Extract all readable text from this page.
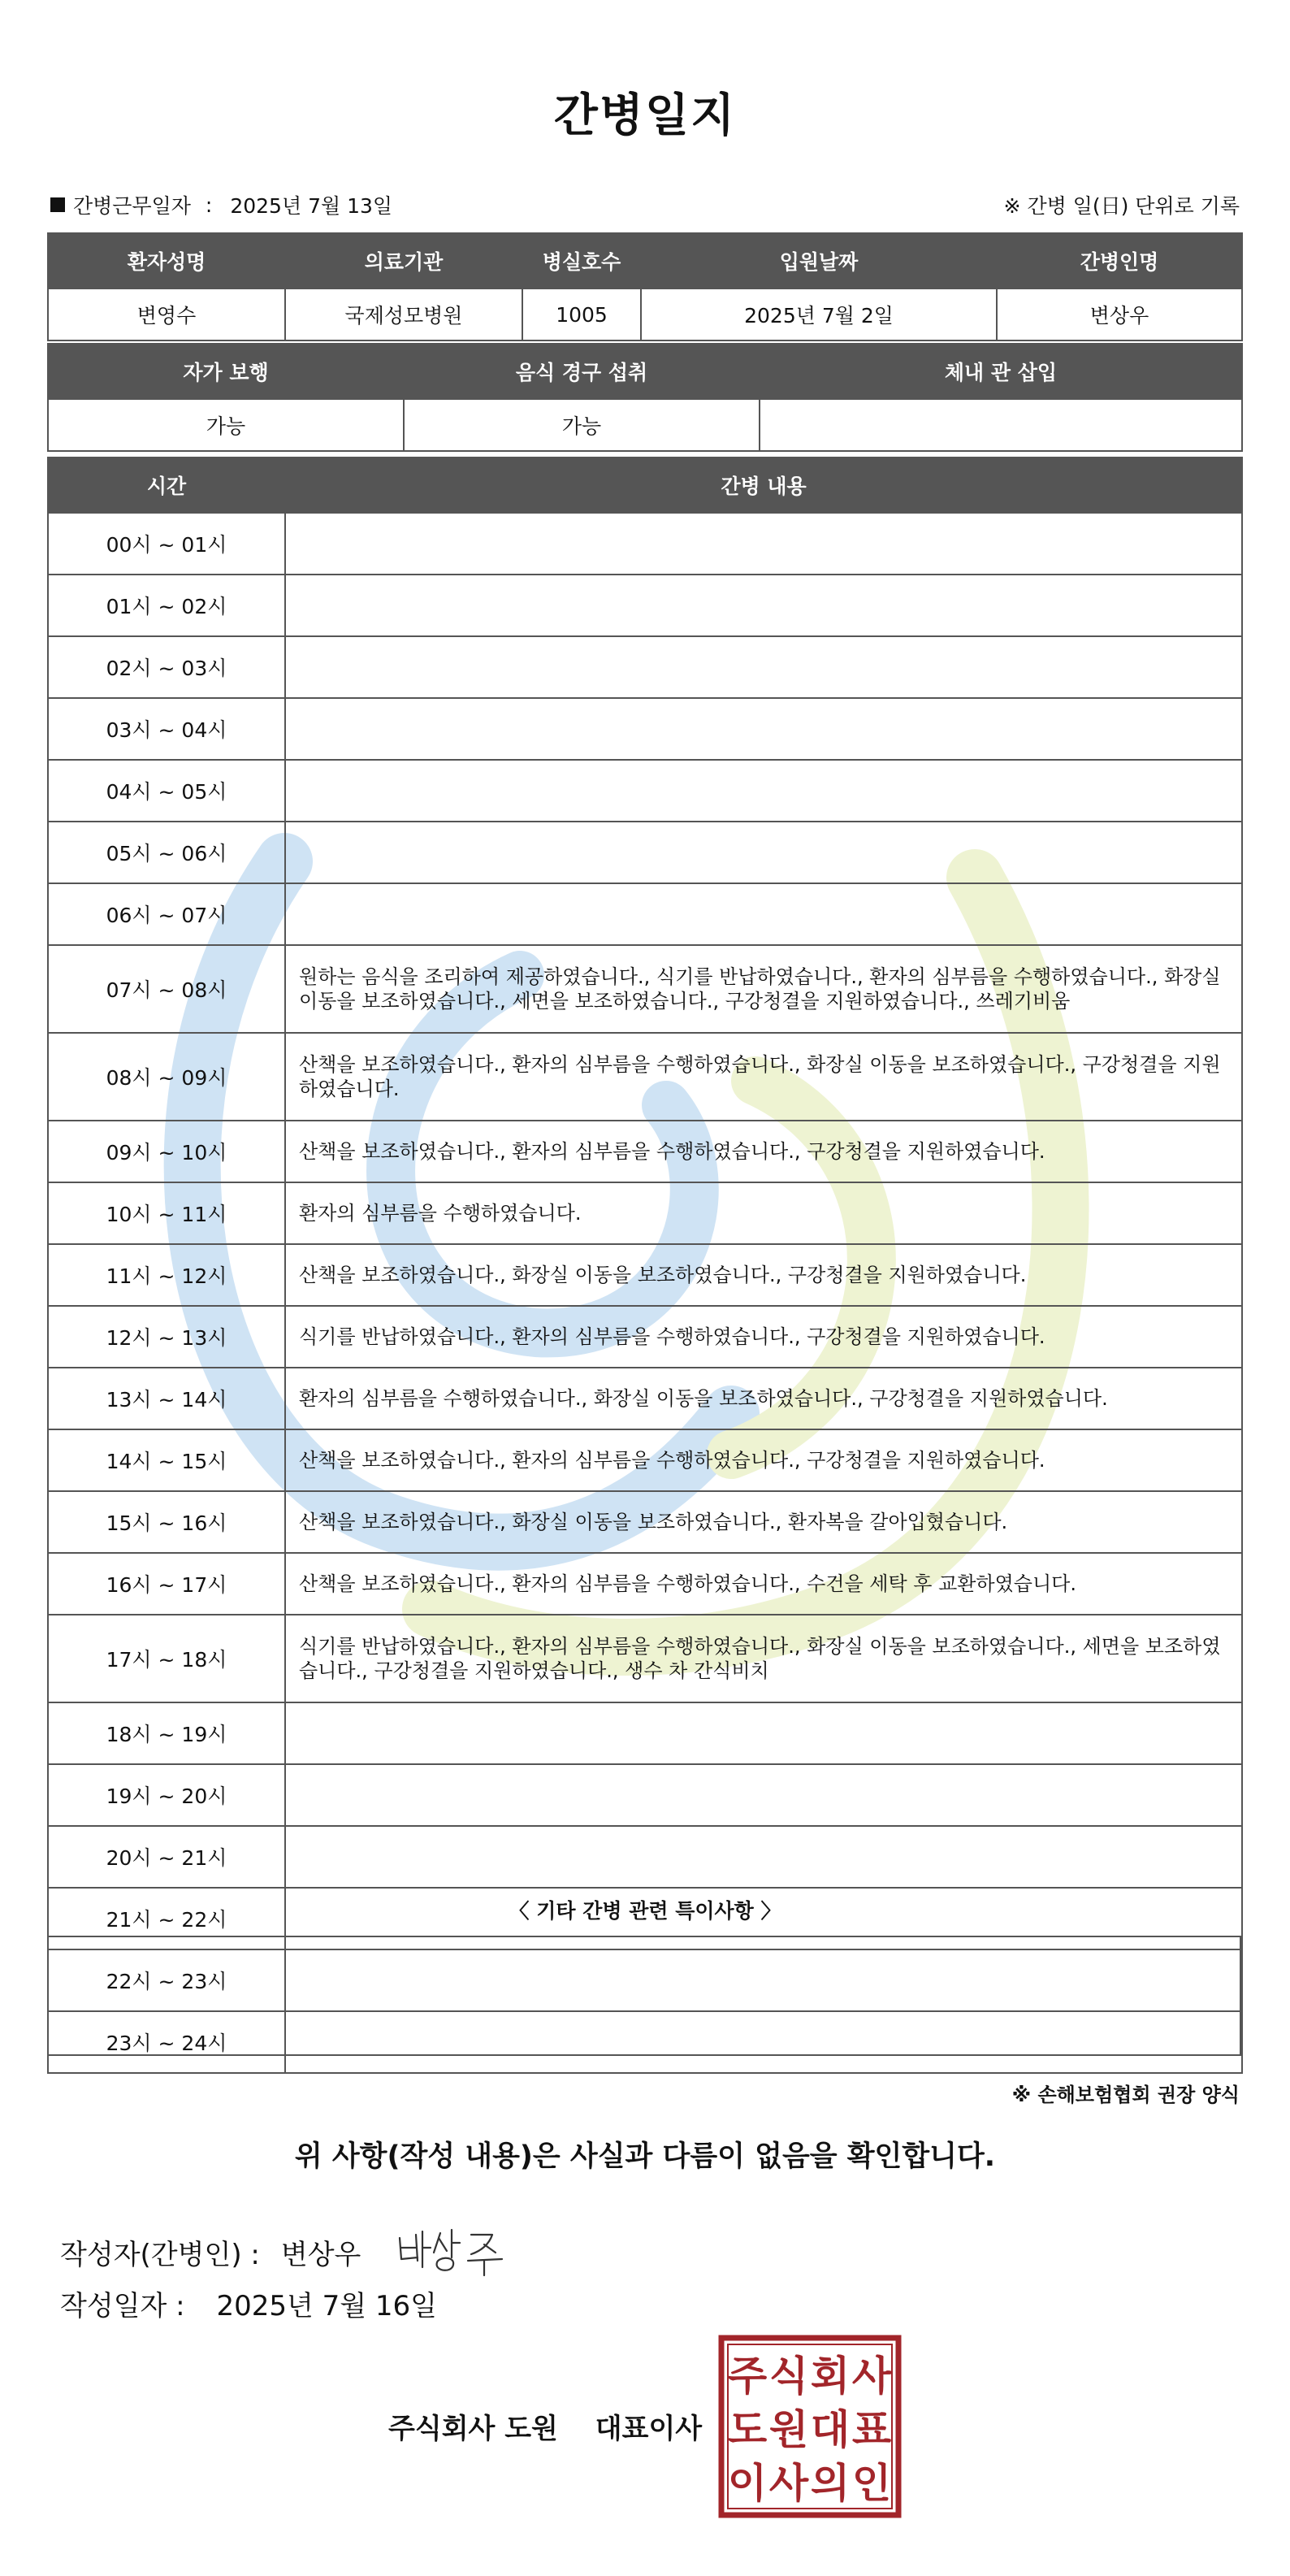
간병일지
간병근무일자 : 2025년 7월 13일	※ 간병 일(日) 단위로 기록
환자성명	의료기관	병실호수	입원날짜	간병인명
변영수	국제성모병원	1005	2025년 7월 2일	변상우
자가 보행	음식 경구 섭취	체내 관 삽입
가능	가능	
시간	간병 내용
00시 ~ 01시	
01시 ~ 02시	
02시 ~ 03시	
03시 ~ 04시	
04시 ~ 05시	
05시 ~ 06시	
06시 ~ 07시	
07시 ~ 08시	원하는 음식을 조리하여 제공하였습니다., 식기를 반납하였습니다., 환자의 심부름을 수행하였습니다., 화장실 이동을 보조하였습니다., 세면을 보조하였습니다., 구강청결을 지원하였습니다., 쓰레기비움
08시 ~ 09시	산책을 보조하였습니다., 환자의 심부름을 수행하였습니다., 화장실 이동을 보조하였습니다., 구강청결을 지원하였습니다.
09시 ~ 10시	산책을 보조하였습니다., 환자의 심부름을 수행하였습니다., 구강청결을 지원하였습니다.
10시 ~ 11시	환자의 심부름을 수행하였습니다.
11시 ~ 12시	산책을 보조하였습니다., 화장실 이동을 보조하였습니다., 구강청결을 지원하였습니다.
12시 ~ 13시	식기를 반납하였습니다., 환자의 심부름을 수행하였습니다., 구강청결을 지원하였습니다.
13시 ~ 14시	환자의 심부름을 수행하였습니다., 화장실 이동을 보조하였습니다., 구강청결을 지원하였습니다.
14시 ~ 15시	산책을 보조하였습니다., 환자의 심부름을 수행하였습니다., 구강청결을 지원하였습니다.
15시 ~ 16시	산책을 보조하였습니다., 화장실 이동을 보조하였습니다., 환자복을 갈아입혔습니다.
16시 ~ 17시	산책을 보조하였습니다., 환자의 심부름을 수행하였습니다., 수건을 세탁 후 교환하였습니다.
17시 ~ 18시	식기를 반납하였습니다., 환자의 심부름을 수행하였습니다., 화장실 이동을 보조하였습니다., 세면을 보조하였습니다., 구강청결을 지원하였습니다., 생수 차 간식비치
18시 ~ 19시	
19시 ~ 20시	
20시 ~ 21시	
21시 ~ 22시	
22시 ~ 23시	
23시 ~ 24시	
〈 기타 간병 관련 특이사항 〉
※ 손해보험협회 권장 양식
위 사항(작성 내용)은 사실과 다름이 없음을 확인합니다.
작성자(간병인) : 변상우
작성일자 : 2025년 7월 16일
주식회사 도원 대표이사
주 식 회 사
도 원 대 표
이 사 의 인
